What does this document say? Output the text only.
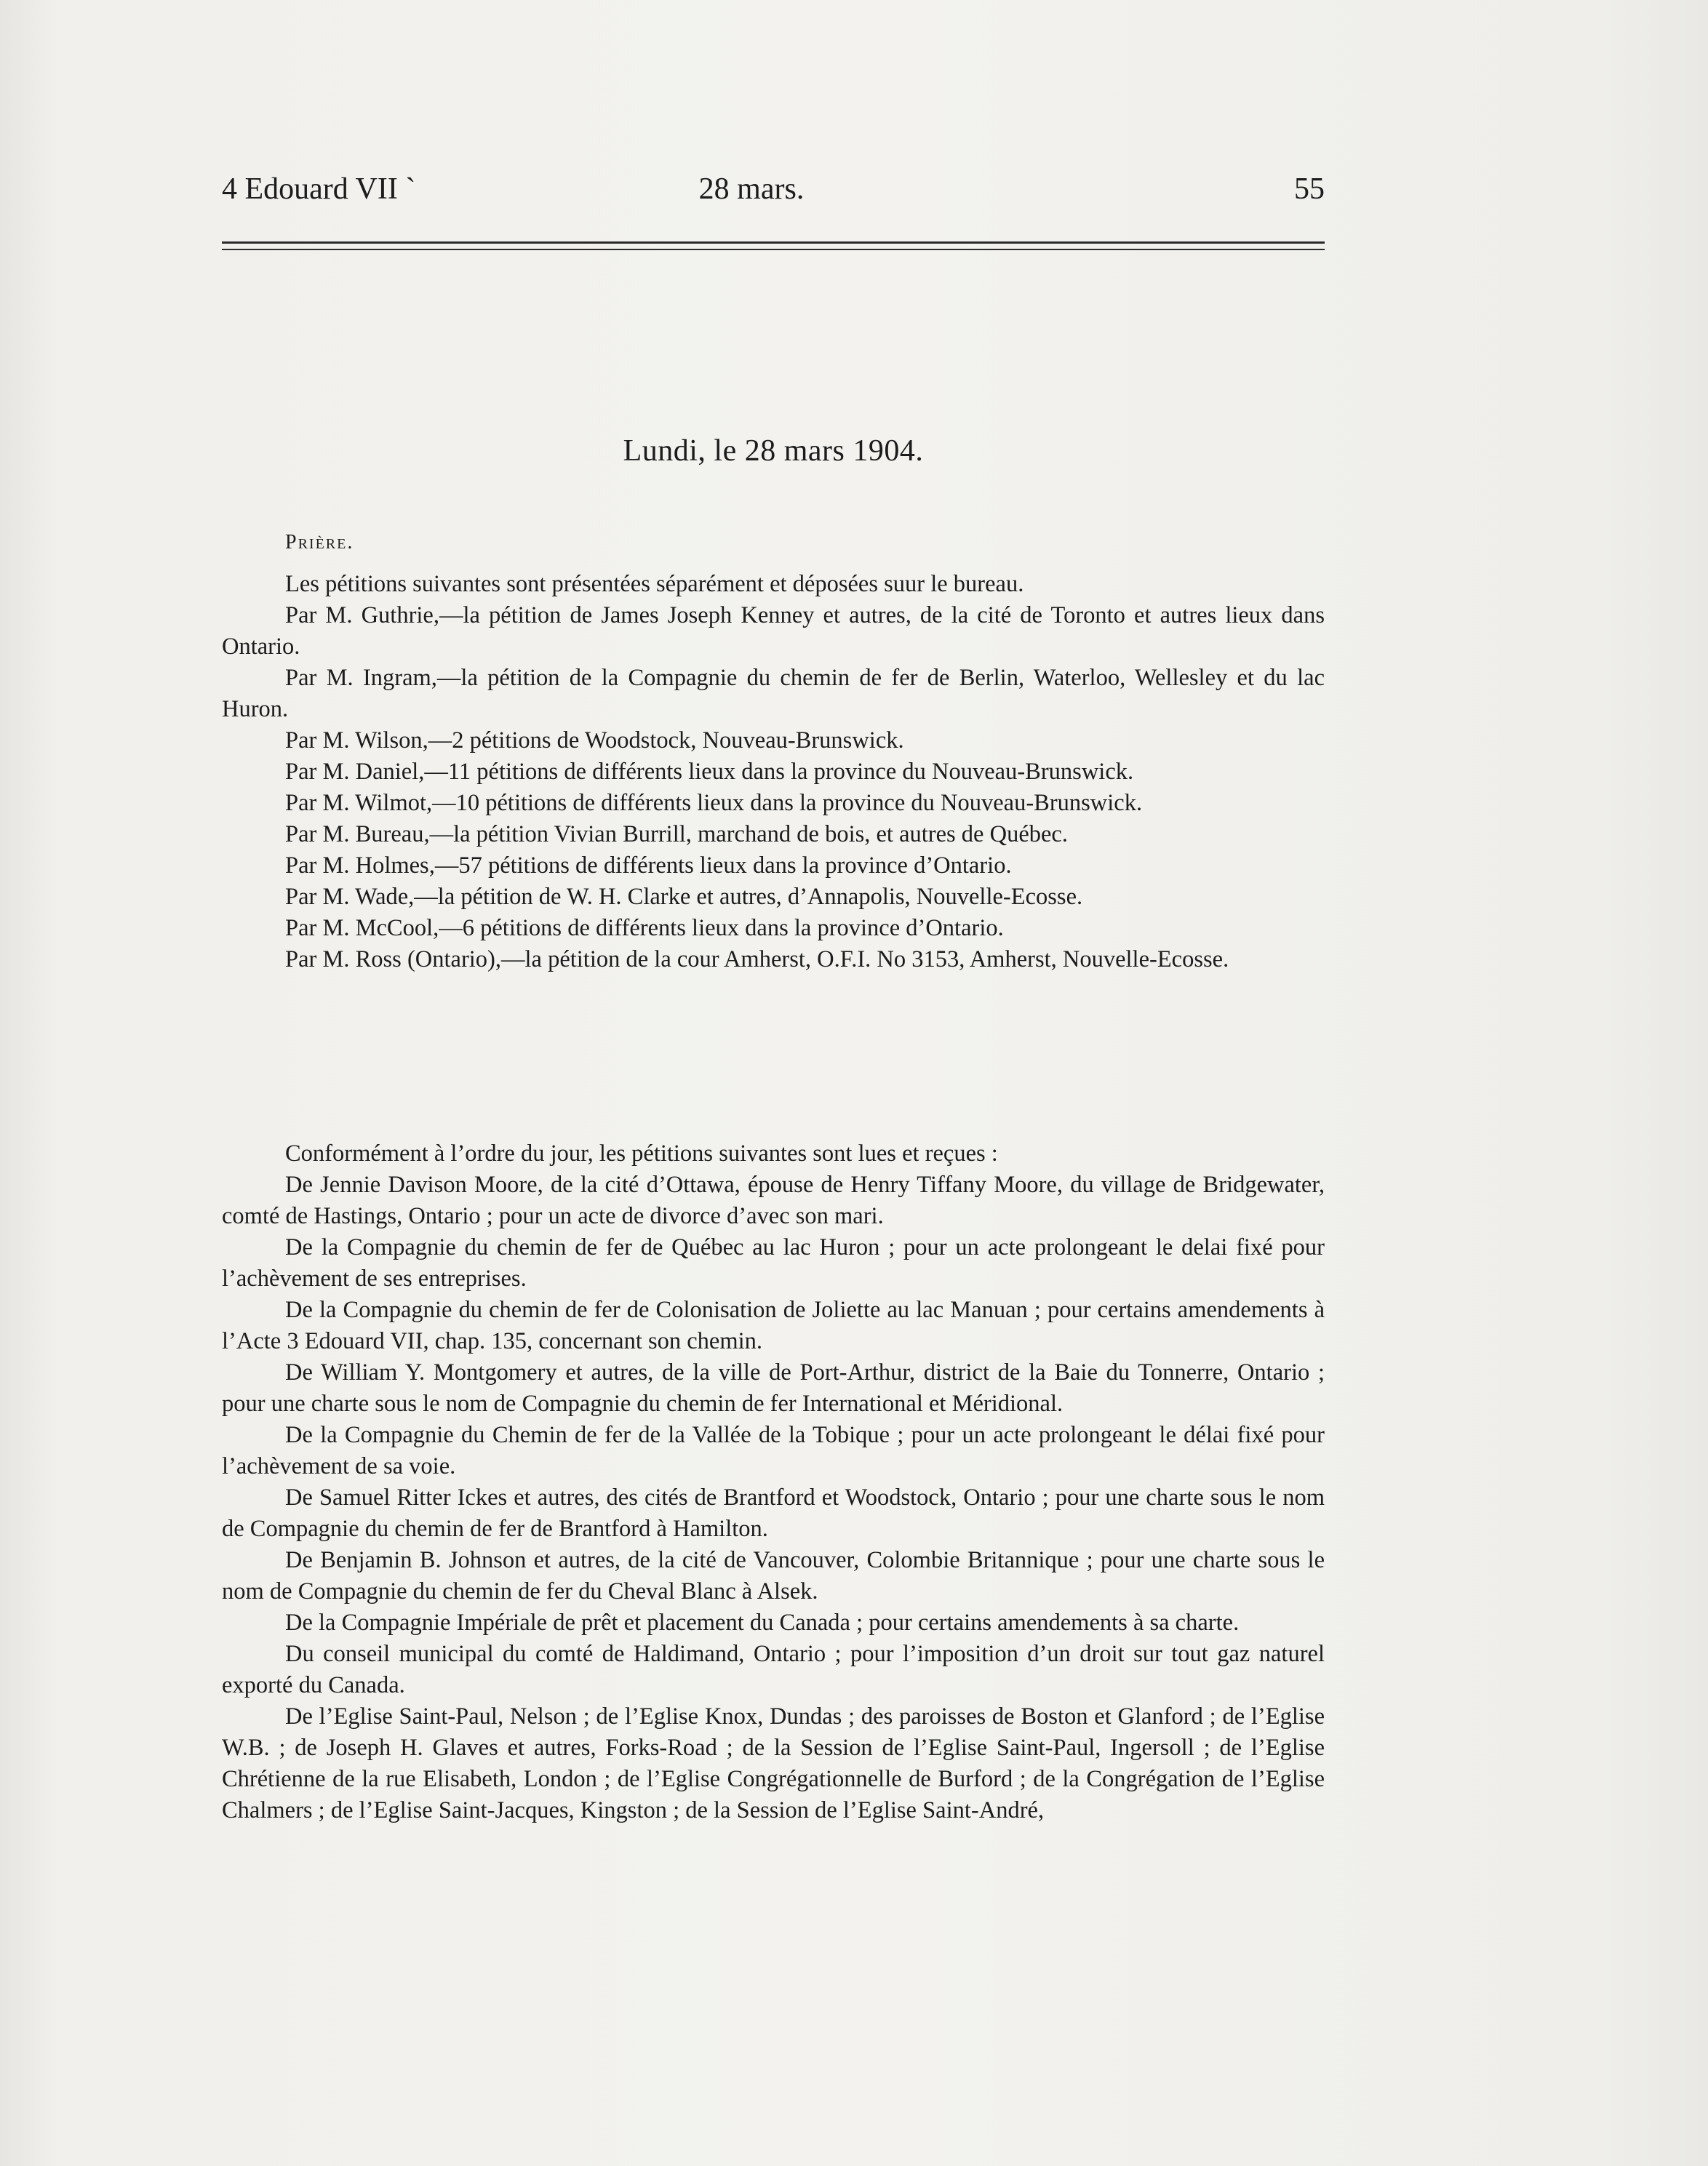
4 Edouard VII `	28 mars.	55
Lundi, le 28 mars 1904.
Prière.

Les pétitions suivantes sont présentées séparément et déposées suur le bureau.

Par M. Guthrie,—la pétition de James Joseph Kenney et autres, de la cité de Toronto et autres lieux dans Ontario.

Par M. Ingram,—la pétition de la Compagnie du chemin de fer de Berlin, Waterloo, Wellesley et du lac Huron.

Par M. Wilson,—2 pétitions de Woodstock, Nouveau-Brunswick.

Par M. Daniel,—11 pétitions de différents lieux dans la province du Nouveau-Brunswick.

Par M. Wilmot,—10 pétitions de différents lieux dans la province du Nouveau-Brunswick.

Par M. Bureau,—la pétition Vivian Burrill, marchand de bois, et autres de Québec.

Par M. Holmes,—57 pétitions de différents lieux dans la province d’Ontario.

Par M. Wade,—la pétition de W. H. Clarke et autres, d’Annapolis, Nouvelle-Ecosse.

Par M. McCool,—6 pétitions de différents lieux dans la province d’Ontario.

Par M. Ross (Ontario),—la pétition de la cour Amherst, O.F.I. No 3153, Amherst, Nouvelle-Ecosse.

Conformément à l’ordre du jour, les pétitions suivantes sont lues et reçues :

De Jennie Davison Moore, de la cité d’Ottawa, épouse de Henry Tiffany Moore, du village de Bridgewater, comté de Hastings, Ontario ; pour un acte de divorce d’avec son mari.

De la Compagnie du chemin de fer de Québec au lac Huron ; pour un acte prolongeant le delai fixé pour l’achèvement de ses entreprises.

De la Compagnie du chemin de fer de Colonisation de Joliette au lac Manuan ; pour certains amendements à l’Acte 3 Edouard VII, chap. 135, concernant son chemin.

De William Y. Montgomery et autres, de la ville de Port-Arthur, district de la Baie du Tonnerre, Ontario ; pour une charte sous le nom de Compagnie du chemin de fer International et Méridional.

De la Compagnie du Chemin de fer de la Vallée de la Tobique ; pour un acte prolongeant le délai fixé pour l’achèvement de sa voie.

De Samuel Ritter Ickes et autres, des cités de Brantford et Woodstock, Ontario ; pour une charte sous le nom de Compagnie du chemin de fer de Brantford à Hamilton.

De Benjamin B. Johnson et autres, de la cité de Vancouver, Colombie Britannique ; pour une charte sous le nom de Compagnie du chemin de fer du Cheval Blanc à Alsek.

De la Compagnie Impériale de prêt et placement du Canada ; pour certains amendements à sa charte.

Du conseil municipal du comté de Haldimand, Ontario ; pour l’imposition d’un droit sur tout gaz naturel exporté du Canada.

De l’Eglise Saint-Paul, Nelson ; de l’Eglise Knox, Dundas ; des paroisses de Boston et Glanford ; de l’Eglise W.B. ; de Joseph H. Glaves et autres, Forks-Road ; de la Session de l’Eglise Saint-Paul, Ingersoll ; de l’Eglise Chrétienne de la rue Elisabeth, London ; de l’Eglise Congrégationnelle de Burford ; de la Congrégation de l’Eglise Chalmers ; de l’Eglise Saint-Jacques, Kingston ; de la Session de l’Eglise Saint-André,
